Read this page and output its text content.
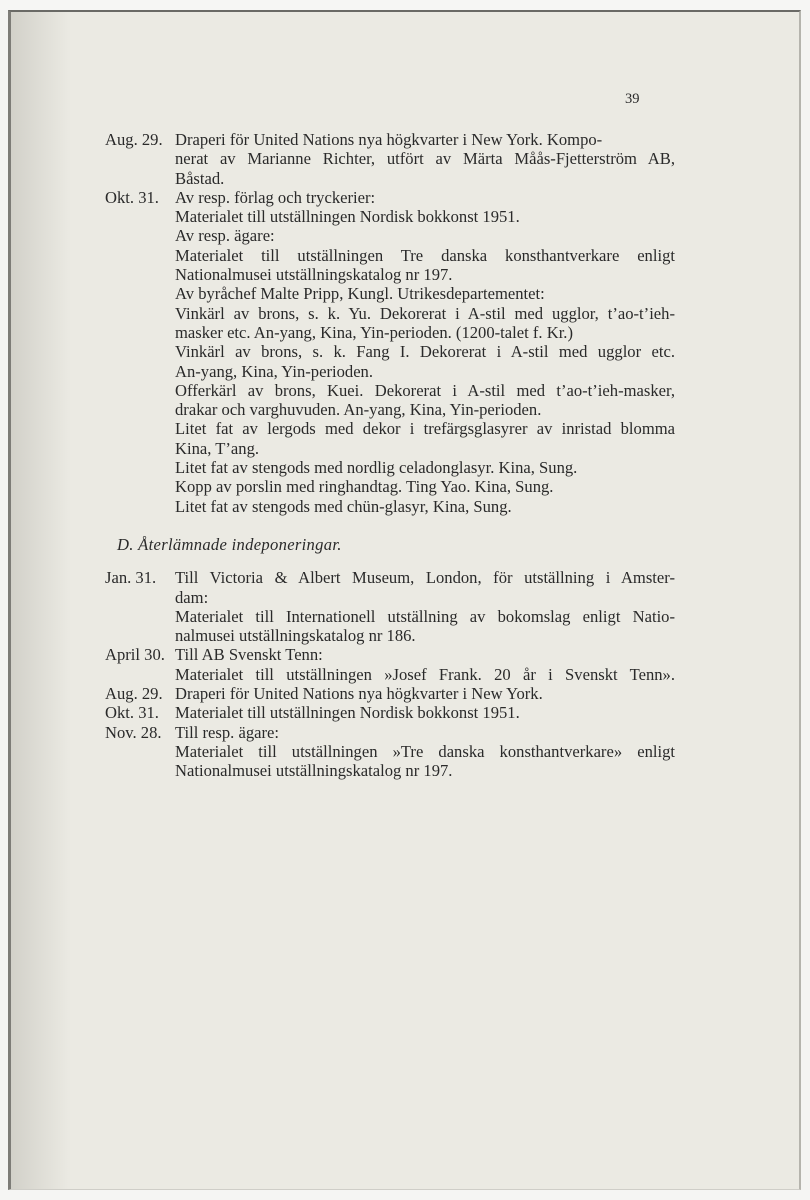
39
Aug. 29. Draperi för United Nations nya högkvarter i New York. Kompo-
nerat av Marianne Richter, utfört av Märta Måås-Fjetterström AB,
Båstad.
Okt. 31. Av resp. förlag och tryckerier:
Materialet till utställningen Nordisk bokkonst 1951.
Av resp. ägare:
Materialet till utställningen Tre danska konsthantverkare enligt
Nationalmusei utställningskatalog nr 197.
Av byråchef Malte Pripp, Kungl. Utrikesdepartementet:
Vinkärl av brons, s. k. Yu. Dekorerat i A-stil med ugglor, t’ao-t’ieh-
masker etc. An-yang, Kina, Yin-perioden. (1200-talet f. Kr.)
Vinkärl av brons, s. k. Fang I. Dekorerat i A-stil med ugglor etc.
An-yang, Kina, Yin-perioden.
Offerkärl av brons, Kuei. Dekorerat i A-stil med t’ao-t’ieh-masker,
drakar och varghuvuden. An-yang, Kina, Yin-perioden.
Litet fat av lergods med dekor i trefärgsglasyrer av inristad blomma
Kina, T’ang.
Litet fat av stengods med nordlig celadonglasyr. Kina, Sung.
Kopp av porslin med ringhandtag. Ting Yao. Kina, Sung.
Litet fat av stengods med chün-glasyr, Kina, Sung.
D. Återlämnade indeponeringar.
Jan. 31.	Till Victoria & Albert Museum, London, för utställning i Amster-
dam:
Materialet till Internationell utställning av bokomslag enligt Natio-
nalmusei utställningskatalog nr 186.
April 30. Till AB Svenskt Tenn:
Materialet till utställningen »Josef Frank. 20 år i Svenskt Tenn».
Aug. 29. Draperi för United Nations nya högkvarter i New York.
Okt. 31. Materialet till utställningen Nordisk bokkonst 1951.
Nov. 28. Till resp. ägare:
Materialet till utställningen »Tre danska konsthantverkare» enligt
Nationalmusei utställningskatalog nr 197.
